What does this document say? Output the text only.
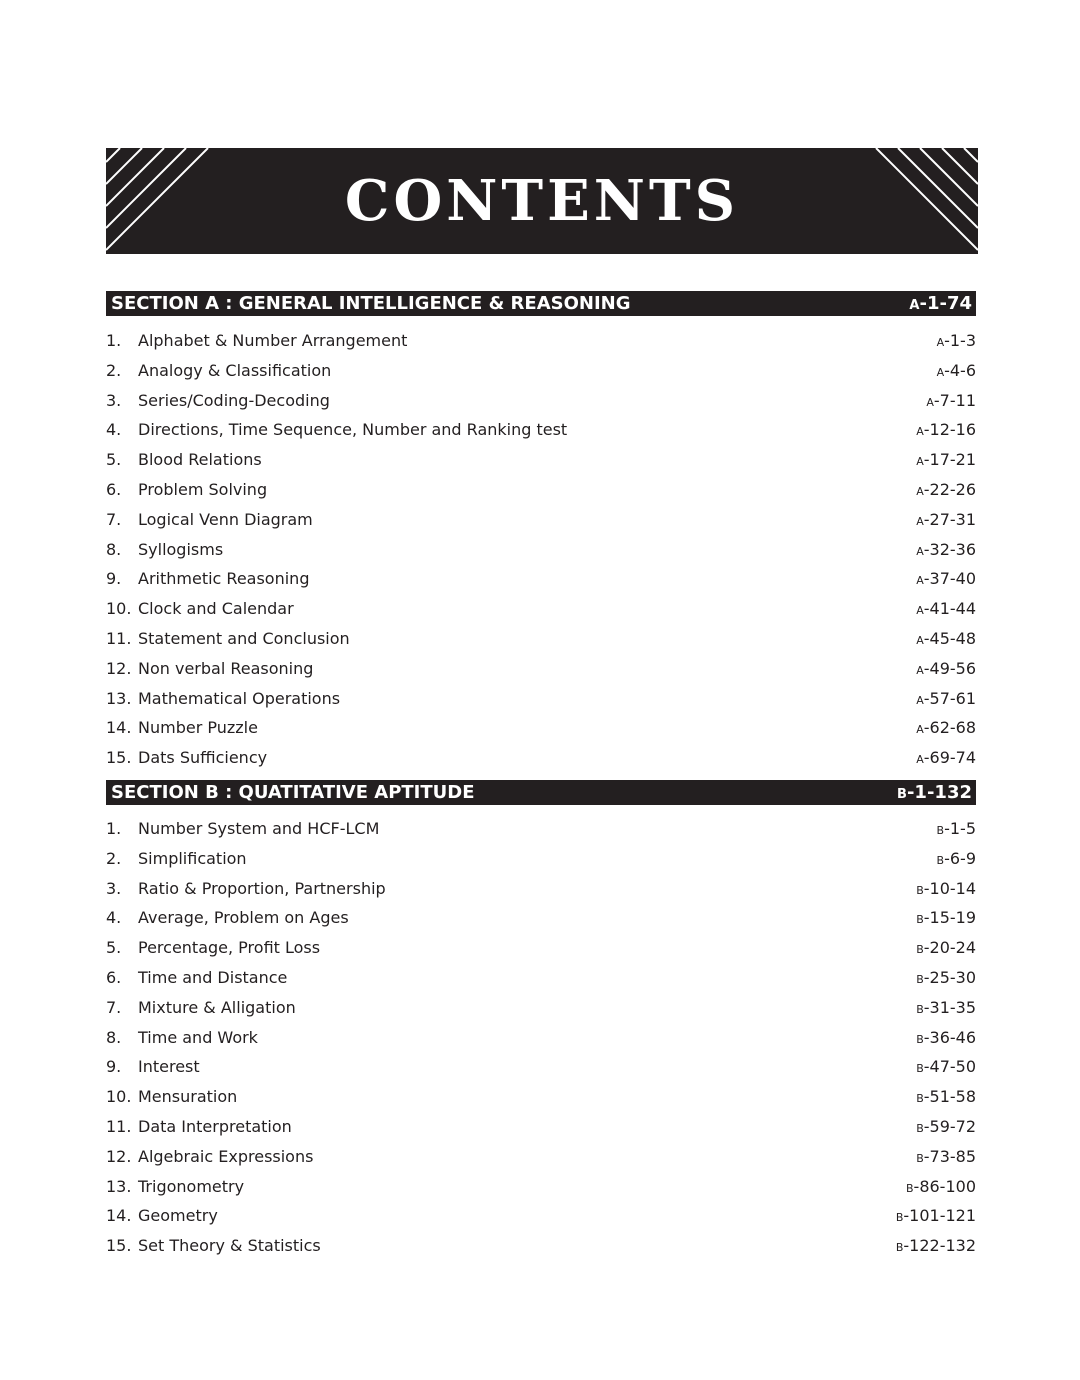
CONTENTS
SECTION A : GENERAL INTELLIGENCE & REASONING	A-1-74
1. Alphabet & Number Arrangement	A-1-3
2. Analogy & Classification	A-4-6
3. Series/Coding-Decoding	A-7-11
4. Directions, Time Sequence, Number and Ranking test	A-12-16
5. Blood Relations	A-17-21
6. Problem Solving	A-22-26
7. Logical Venn Diagram	A-27-31
8. Syllogisms	A-32-36
9. Arithmetic Reasoning	A-37-40
10. Clock and Calendar	A-41-44
11. Statement and Conclusion	A-45-48
12. Non verbal Reasoning	A-49-56
13. Mathematical Operations	A-57-61
14. Number Puzzle	A-62-68
15. Dats Sufficiency	A-69-74
SECTION B : QUATITATIVE APTITUDE	B-1-132
1. Number System and HCF-LCM	B-1-5
2. Simplification	B-6-9
3. Ratio & Proportion, Partnership	B-10-14
4. Average, Problem on Ages	B-15-19
5. Percentage, Profit Loss	B-20-24
6. Time and Distance	B-25-30
7. Mixture & Alligation	B-31-35
8. Time and Work	B-36-46
9. Interest	B-47-50
10. Mensuration	B-51-58
11. Data Interpretation	B-59-72
12. Algebraic Expressions	B-73-85
13. Trigonometry	B-86-100
14. Geometry	B-101-121
15. Set Theory & Statistics	B-122-132
